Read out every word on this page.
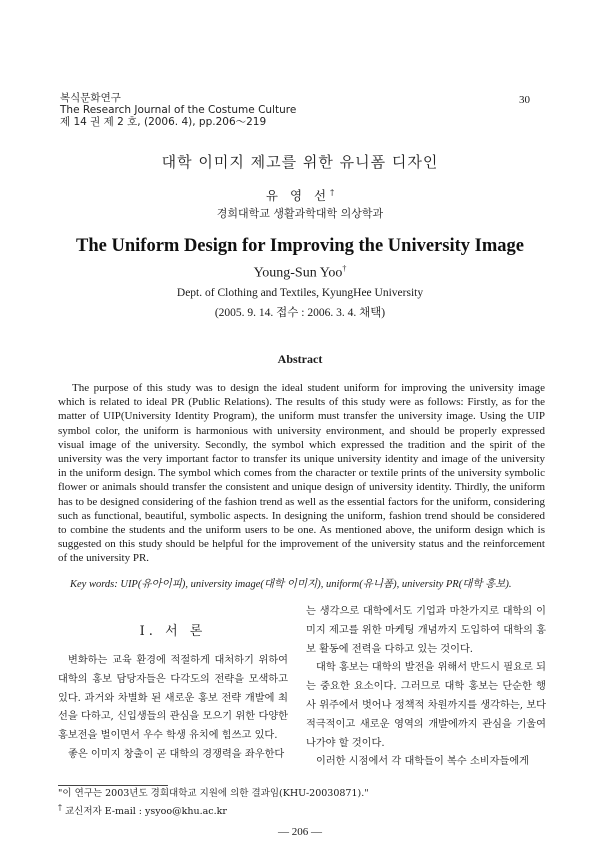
복식문화연구
The Research Journal of the Costume Culture
제 14 권 제 2 호, (2006. 4), pp.206～219
30
대학 이미지 제고를 위한 유니폼 디자인
유 영 선†
경희대학교 생활과학대학 의상학과
The Uniform Design for Improving the University Image
Young-Sun Yoo†
Dept. of Clothing and Textiles, KyungHee University
(2005. 9. 14. 접수 : 2006. 3. 4. 채택)
Abstract

The purpose of this study was to design the ideal student uniform for improving the university image which is related to ideal PR (Public Relations). The results of this study were as follows: Firstly, as for the matter of UIP(University Identity Program), the uniform must transfer the university image. Using the UIP symbol color, the uniform is harmonious with university environment, and should be properly expressed visual image of the university. Secondly, the symbol which expressed the tradition and the spirit of the university was the very important factor to transfer its unique university identity and image of the university in the uniform design. The symbol which comes from the character or textile prints of the university symbolic flower or animals should transfer the consistent and unique design of university identity. Thirdly, the uniform has to be designed considering of the fashion trend as well as the essential factors for the uniform, considering such as functional, beautiful, symbolic aspects. In designing the uniform, fashion trend should be considered to combine the students and the uniform users to be one. As mentioned above, the uniform design which is suggested on this study should be helpful for the improvement of the university status and the reinforcement of the university PR.

Key words: UIP(유아이피), university image(대학 이미지), uniform(유니폼), university PR(대학 홍보).
Ⅰ. 서 론

변화하는 교육 환경에 적절하게 대처하기 위하여 대학의 홍보 담당자들은 다각도의 전략을 모색하고 있다. 과거와 차별화 된 새로운 홍보 전략 개발에 최선을 다하고, 신입생들의 관심을 모으기 위한 다양한 홍보전을 벌이면서 우수 학생 유치에 힘쓰고 있다.

좋은 이미지 창출이 곧 대학의 경쟁력을 좌우한다

는 생각으로 대학에서도 기업과 마찬가지로 대학의 이미지 제고를 위한 마케팅 개념까지 도입하여 대학의 홍보 활동에 전력을 다하고 있는 것이다.

대학 홍보는 대학의 발전을 위해서 반드시 필요로 되는 중요한 요소이다. 그러므로 대학 홍보는 단순한 행사 위주에서 벗어나 정책적 차원까지를 생각하는, 보다 적극적이고 새로운 영역의 개발에까지 관심을 기울여 나가야 할 것이다.

이러한 시점에서 각 대학들이 복수 소비자들에게

"이 연구는 2003년도 경희대학교 지원에 의한 결과임(KHU-20030871)."
† 교신저자 E-mail : ysyoo@khu.ac.kr
— 206 —
